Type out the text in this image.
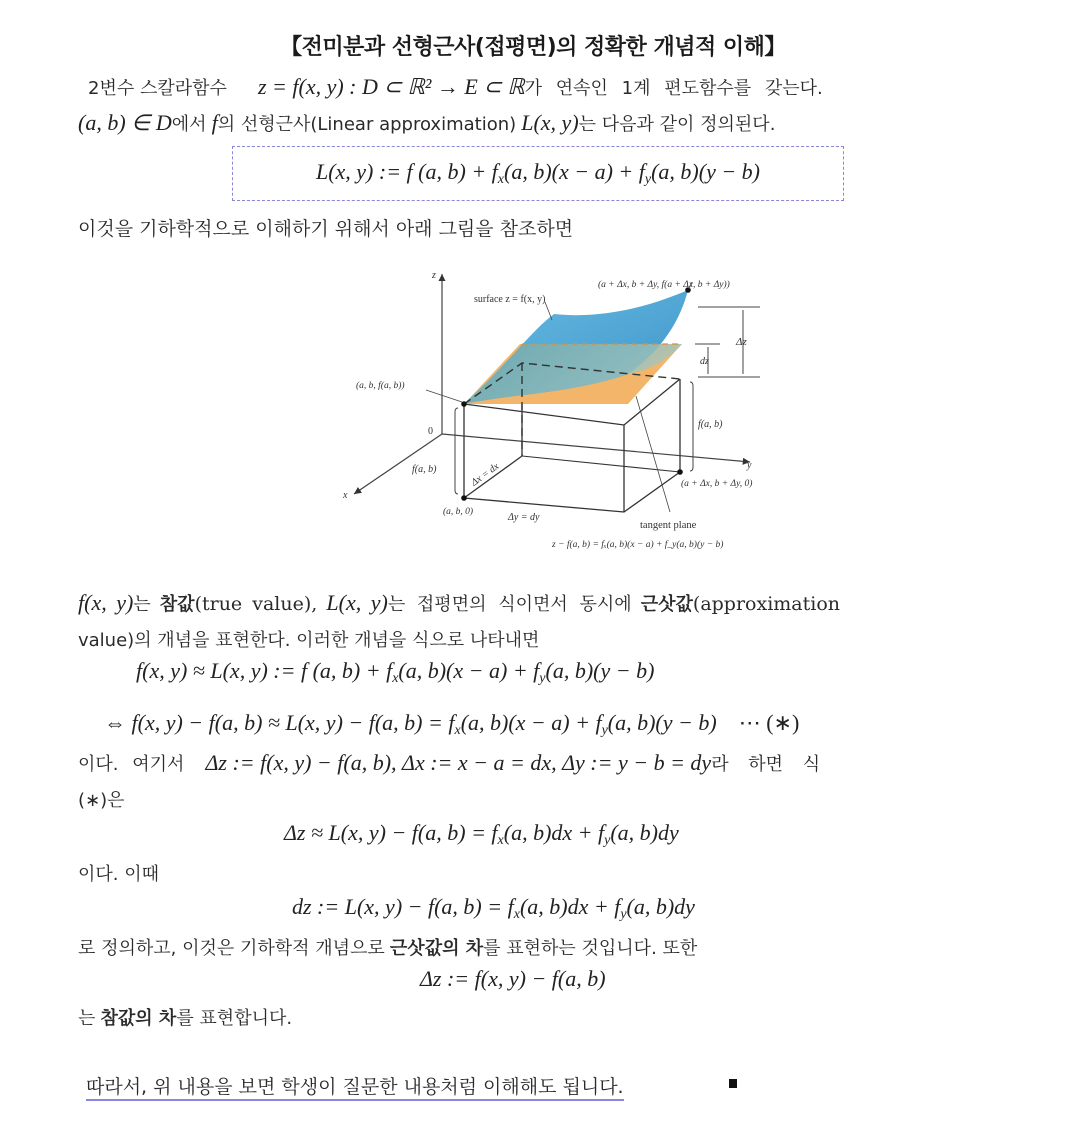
【전미분과 선형근사(접평면)의 정확한 개념적 이해】
2변수 스칼라함수 z = f(x, y) : D ⊂ ℝ² → E ⊂ ℝ가 연속인 1계 편도함수를 갖는다.
(a, b) ∈ D에서 f의 선형근사(Linear approximation) L(x, y)는 다음과 같이 정의된다.
L(x, y) := f (a, $b) + f_x(a$, $b)(x - a) + f_y(a$, b)(y − b)
이것을 기하학적으로 이해하기 위해서 아래 그림을 참조하면
z
x
y
0
surface z = f(x, y)
(a + Δx, b + Δy, f(a + Δx, b + Δy))
(a, b, f(a, b))
Δz
dz
f(a, b)
f(a, b)	Δx = dx
Δy = dy
(a, b, 0)
(a + Δx, b + Δy, 0)
tangent plane
z − f(a, b) = fₓ(a, b)(x − a) + f_y(a, b)(y − b)
f(x, y)는 참값(true value), L(x, y)는 접평면의 식이면서 동시에 근삿값(approximation
value)의 개념을 표현한다. 이러한 개념을 식으로 나타내면
f(x, y) ≈ L(x, y) := f (a, $b) + f_x(a$, $b)(x - a) + f_y(a$, b)(y − b)
⇔ f(x, y) − f(a, b) ≈ L(x, y) − f(a, $b) = f_x(a$, $b)(x - a) + f_y(a$, b)(y − b) ⋯ (∗)
이다. 여기서 Δz := f(x, y) − f(a, b), Δx := x − a = dx, Δy := y − b = dy라 하면 식
(∗)은
Δz ≈ L(x, y) − f(a, $b) = f_x(a$, $b)dx + f_y(a$, b)dy
이다. 이때
dz := L(x, y) − f(a, $b) = f_x(a$, $b)dx + f_y(a$, b)dy
로 정의하고, 이것은 기하학적 개념으로 근삿값의 차를 표현하는 것입니다. 또한
Δz := f(x, y) − f(a, b)
는 참값의 차를 표현합니다.
따라서, 위 내용을 보면 학생이 질문한 내용처럼 이해해도 됩니다.
